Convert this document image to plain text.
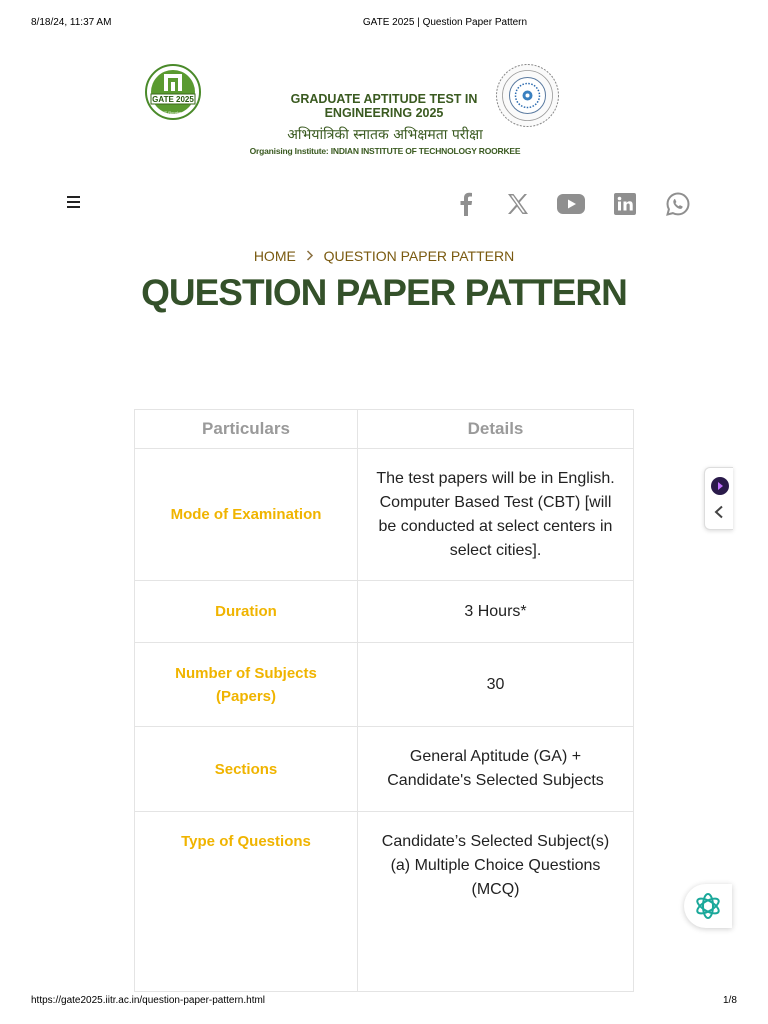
8/18/24, 11:37 AM	GATE 2025 | Question Paper Pattern
GATE 2025
IIT Roorkee
GRADUATE APTITUDE TEST IN
ENGINEERING 2025
अभियांत्रिकी स्नातक अभिक्षमता परीक्षा
Organising Institute: INDIAN INSTITUTE OF TECHNOLOGY ROORKEE
HOME QUESTION PAPER PATTERN
QUESTION PAPER PATTERN
Particulars	Details
Mode of Examination	The test papers will be in English. Computer Based Test (CBT) [will be conducted at select centers in select cities].
Duration	3 Hours*
Number of Subjects (Papers)	30
Sections	General Aptitude (GA) + Candidate's Selected Subjects
Type of Questions	Candidate’s Selected Subject(s)
(a) Multiple Choice Questions (MCQ)
https://gate2025.iitr.ac.in/question-paper-pattern.html	1/8
